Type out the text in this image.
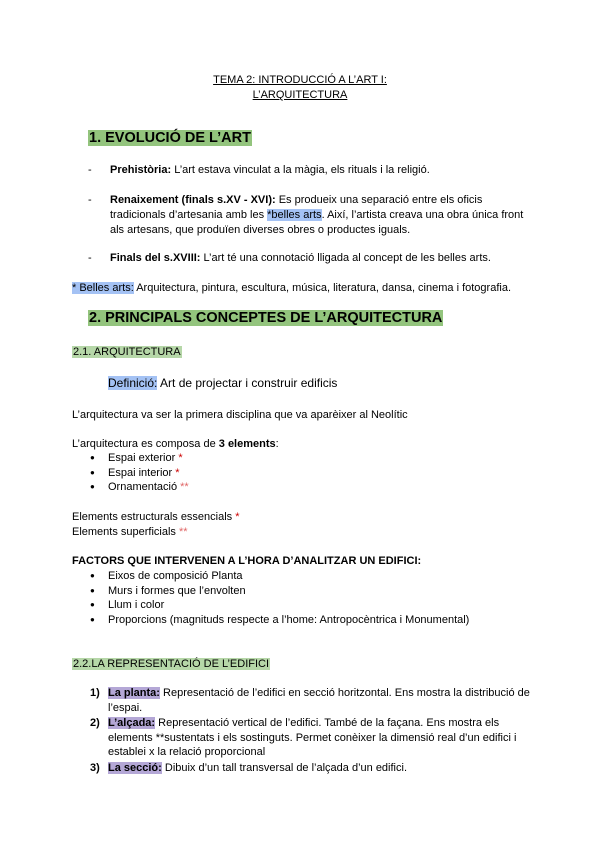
TEMA 2: INTRODUCCIÓ A L’ART I:
L’ARQUITECTURA
1. EVOLUCIÓ DE L’ART
- Prehistòria: L’art estava vinculat a la màgia, els rituals i la religió.
- Renaixement (finals s.XV - XVI): Es produeix una separació entre els oficis tradicionals d’artesania amb les *belles arts. Així, l’artista creava una obra única front als artesans, que produïen diverses obres o productes iguals.
- Finals del s.XVIII: L’art té una connotació lligada al concept de les belles arts.
* Belles arts: Arquitectura, pintura, escultura, música, literatura, dansa, cinema i fotografia.
2. PRINCIPALS CONCEPTES DE L’ARQUITECTURA
2.1. ARQUITECTURA
Definició: Art de projectar i construir edificis
L’arquitectura va ser la primera disciplina que va aparèixer al Neolític
L’arquitectura es composa de 3 elements:
● Espai exterior *
● Espai interior *
● Ornamentació **
Elements estructurals essencials *
Elements superficials **
FACTORS QUE INTERVENEN A L’HORA D’ANALITZAR UN EDIFICI:
● Eixos de composició Planta
● Murs i formes que l’envolten
● Llum i color
● Proporcions (magnituds respecte a l’home: Antropocèntrica i Monumental)
2.2.LA REPRESENTACIÓ DE L’EDIFICI
1) La planta: Representació de l’edifici en secció horitzontal. Ens mostra la distribució de l’espai.
2) L’alçada: Representació vertical de l’edifici. També de la façana. Ens mostra els elements **sustentats i els sostinguts. Permet conèixer la dimensió real d’un edifici i establei x la relació proporcional
3) La secció: Dibuix d’un tall transversal de l’alçada d’un edifici.
